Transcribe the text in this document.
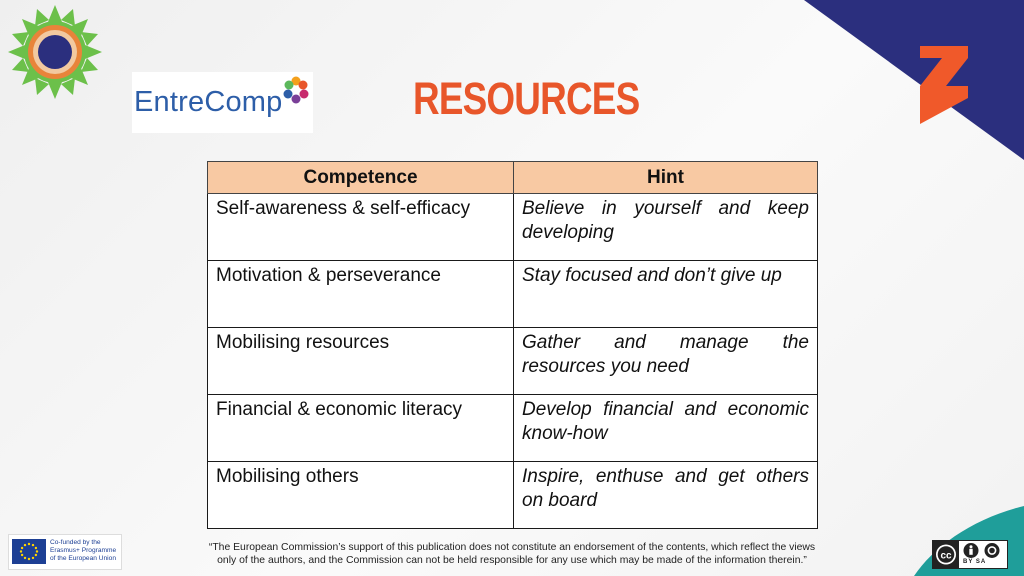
EntreComp	RESOURCES
Competence	Hint
Self-awareness & self-efficacy	Believe in yourself and keep developing
Motivation & perseverance	Stay focused and don’t give up
Mobilising resources	Gather and manage the resources you need
Financial & economic literacy	Develop financial and economic know-how
Mobilising others	Inspire, enthuse and get others on board
Co-funded by the
Erasmus+ Programme
of the European Union
“The European Commission’s support of this publication does not constitute an endorsement of the contents, which reflect the views
only of the authors, and the Commission can not be held responsible for any use which may be made of the information therein.”	cc
BY SA
